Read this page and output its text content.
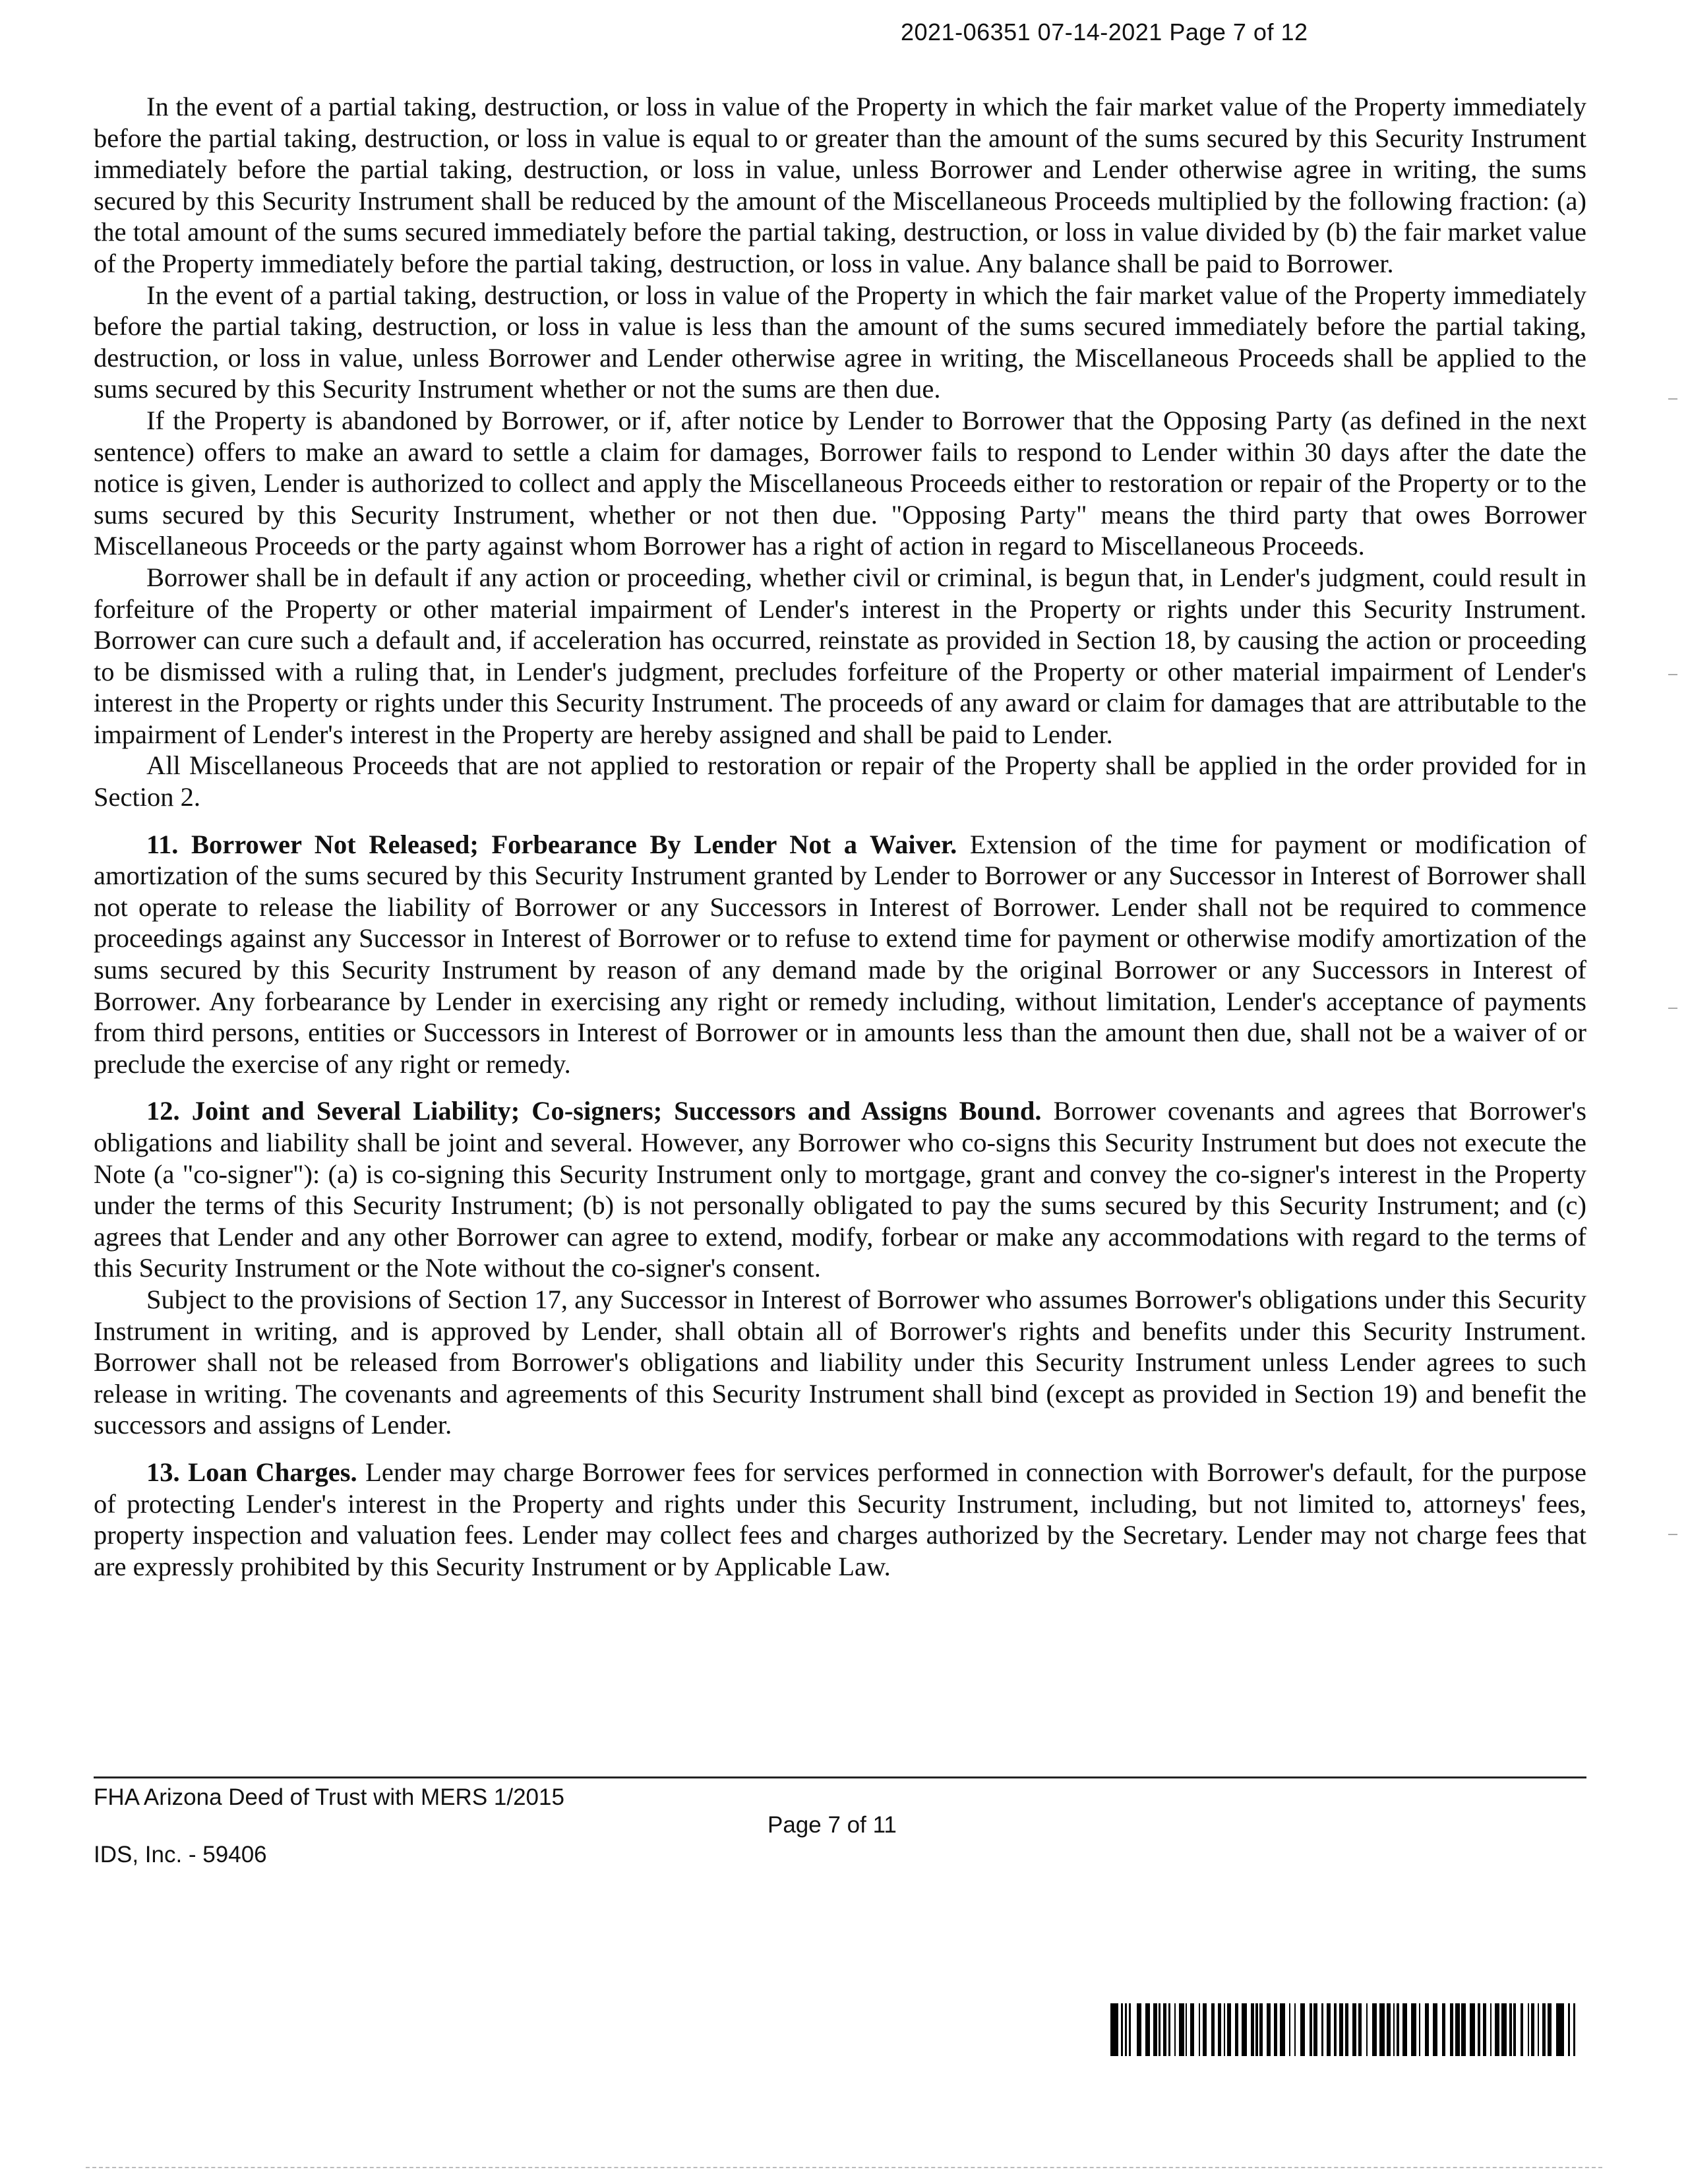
2021-06351 07-14-2021 Page 7 of 12

In the event of a partial taking, destruction, or loss in value of the Property in which the fair market value of the Property immediately before the partial taking, destruction, or loss in value is equal to or greater than the amount of the sums secured by this Security Instrument immediately before the partial taking, destruction, or loss in value, unless Borrower and Lender otherwise agree in writing, the sums secured by this Security Instrument shall be reduced by the amount of the Miscellaneous Proceeds multiplied by the following fraction: (a) the total amount of the sums secured immediately before the partial taking, destruction, or loss in value divided by (b) the fair market value of the Property immediately before the partial taking, destruction, or loss in value. Any balance shall be paid to Borrower.

In the event of a partial taking, destruction, or loss in value of the Property in which the fair market value of the Property immediately before the partial taking, destruction, or loss in value is less than the amount of the sums secured immediately before the partial taking, destruction, or loss in value, unless Borrower and Lender otherwise agree in writing, the Miscellaneous Proceeds shall be applied to the sums secured by this Security Instrument whether or not the sums are then due.

If the Property is abandoned by Borrower, or if, after notice by Lender to Borrower that the Opposing Party (as defined in the next sentence) offers to make an award to settle a claim for damages, Borrower fails to respond to Lender within 30 days after the date the notice is given, Lender is authorized to collect and apply the Miscellaneous Proceeds either to restoration or repair of the Property or to the sums secured by this Security Instrument, whether or not then due. "Opposing Party" means the third party that owes Borrower Miscellaneous Proceeds or the party against whom Borrower has a right of action in regard to Miscellaneous Proceeds.

Borrower shall be in default if any action or proceeding, whether civil or criminal, is begun that, in Lender's judgment, could result in forfeiture of the Property or other material impairment of Lender's interest in the Property or rights under this Security Instrument. Borrower can cure such a default and, if acceleration has occurred, reinstate as provided in Section 18, by causing the action or proceeding to be dismissed with a ruling that, in Lender's judgment, precludes forfeiture of the Property or other material impairment of Lender's interest in the Property or rights under this Security Instrument. The proceeds of any award or claim for damages that are attributable to the impairment of Lender's interest in the Property are hereby assigned and shall be paid to Lender.

All Miscellaneous Proceeds that are not applied to restoration or repair of the Property shall be applied in the order provided for in Section 2.

11. Borrower Not Released; Forbearance By Lender Not a Waiver. Extension of the time for payment or modification of amortization of the sums secured by this Security Instrument granted by Lender to Borrower or any Successor in Interest of Borrower shall not operate to release the liability of Borrower or any Successors in Interest of Borrower. Lender shall not be required to commence proceedings against any Successor in Interest of Borrower or to refuse to extend time for payment or otherwise modify amortization of the sums secured by this Security Instrument by reason of any demand made by the original Borrower or any Successors in Interest of Borrower. Any forbearance by Lender in exercising any right or remedy including, without limitation, Lender's acceptance of payments from third persons, entities or Successors in Interest of Borrower or in amounts less than the amount then due, shall not be a waiver of or preclude the exercise of any right or remedy.

12. Joint and Several Liability; Co-signers; Successors and Assigns Bound. Borrower covenants and agrees that Borrower's obligations and liability shall be joint and several. However, any Borrower who co-signs this Security Instrument but does not execute the Note (a "co-signer"): (a) is co-signing this Security Instrument only to mortgage, grant and convey the co-signer's interest in the Property under the terms of this Security Instrument; (b) is not personally obligated to pay the sums secured by this Security Instrument; and (c) agrees that Lender and any other Borrower can agree to extend, modify, forbear or make any accommodations with regard to the terms of this Security Instrument or the Note without the co-signer's consent.

Subject to the provisions of Section 17, any Successor in Interest of Borrower who assumes Borrower's obligations under this Security Instrument in writing, and is approved by Lender, shall obtain all of Borrower's rights and benefits under this Security Instrument. Borrower shall not be released from Borrower's obligations and liability under this Security Instrument unless Lender agrees to such release in writing. The covenants and agreements of this Security Instrument shall bind (except as provided in Section 19) and benefit the successors and assigns of Lender.

13. Loan Charges. Lender may charge Borrower fees for services performed in connection with Borrower's default, for the purpose of protecting Lender's interest in the Property and rights under this Security Instrument, including, but not limited to, attorneys' fees, property inspection and valuation fees. Lender may collect fees and charges authorized by the Secretary. Lender may not charge fees that are expressly prohibited by this Security Instrument or by Applicable Law.

FHA Arizona Deed of Trust with MERS 1/2015
Page 7 of 11
IDS, Inc. - 59406
